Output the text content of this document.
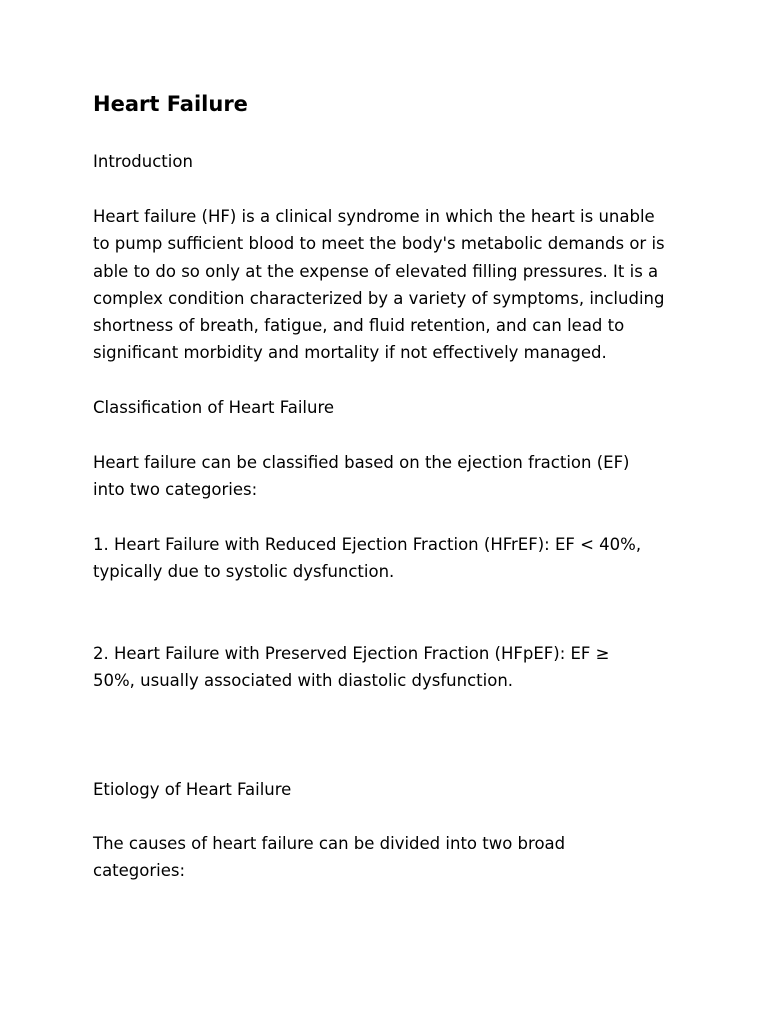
Heart Failure

Introduction

Heart failure (HF) is a clinical syndrome in which the heart is unable
to pump sufficient blood to meet the body's metabolic demands or is
able to do so only at the expense of elevated filling pressures. It is a
complex condition characterized by a variety of symptoms, including
shortness of breath, fatigue, and fluid retention, and can lead to
significant morbidity and mortality if not effectively managed.

Classification of Heart Failure

Heart failure can be classified based on the ejection fraction (EF)
into two categories:

1. Heart Failure with Reduced Ejection Fraction (HFrEF): EF < 40%,
typically due to systolic dysfunction.

2. Heart Failure with Preserved Ejection Fraction (HFpEF): EF ≥
50%, usually associated with diastolic dysfunction.

Etiology of Heart Failure

The causes of heart failure can be divided into two broad
categories:
